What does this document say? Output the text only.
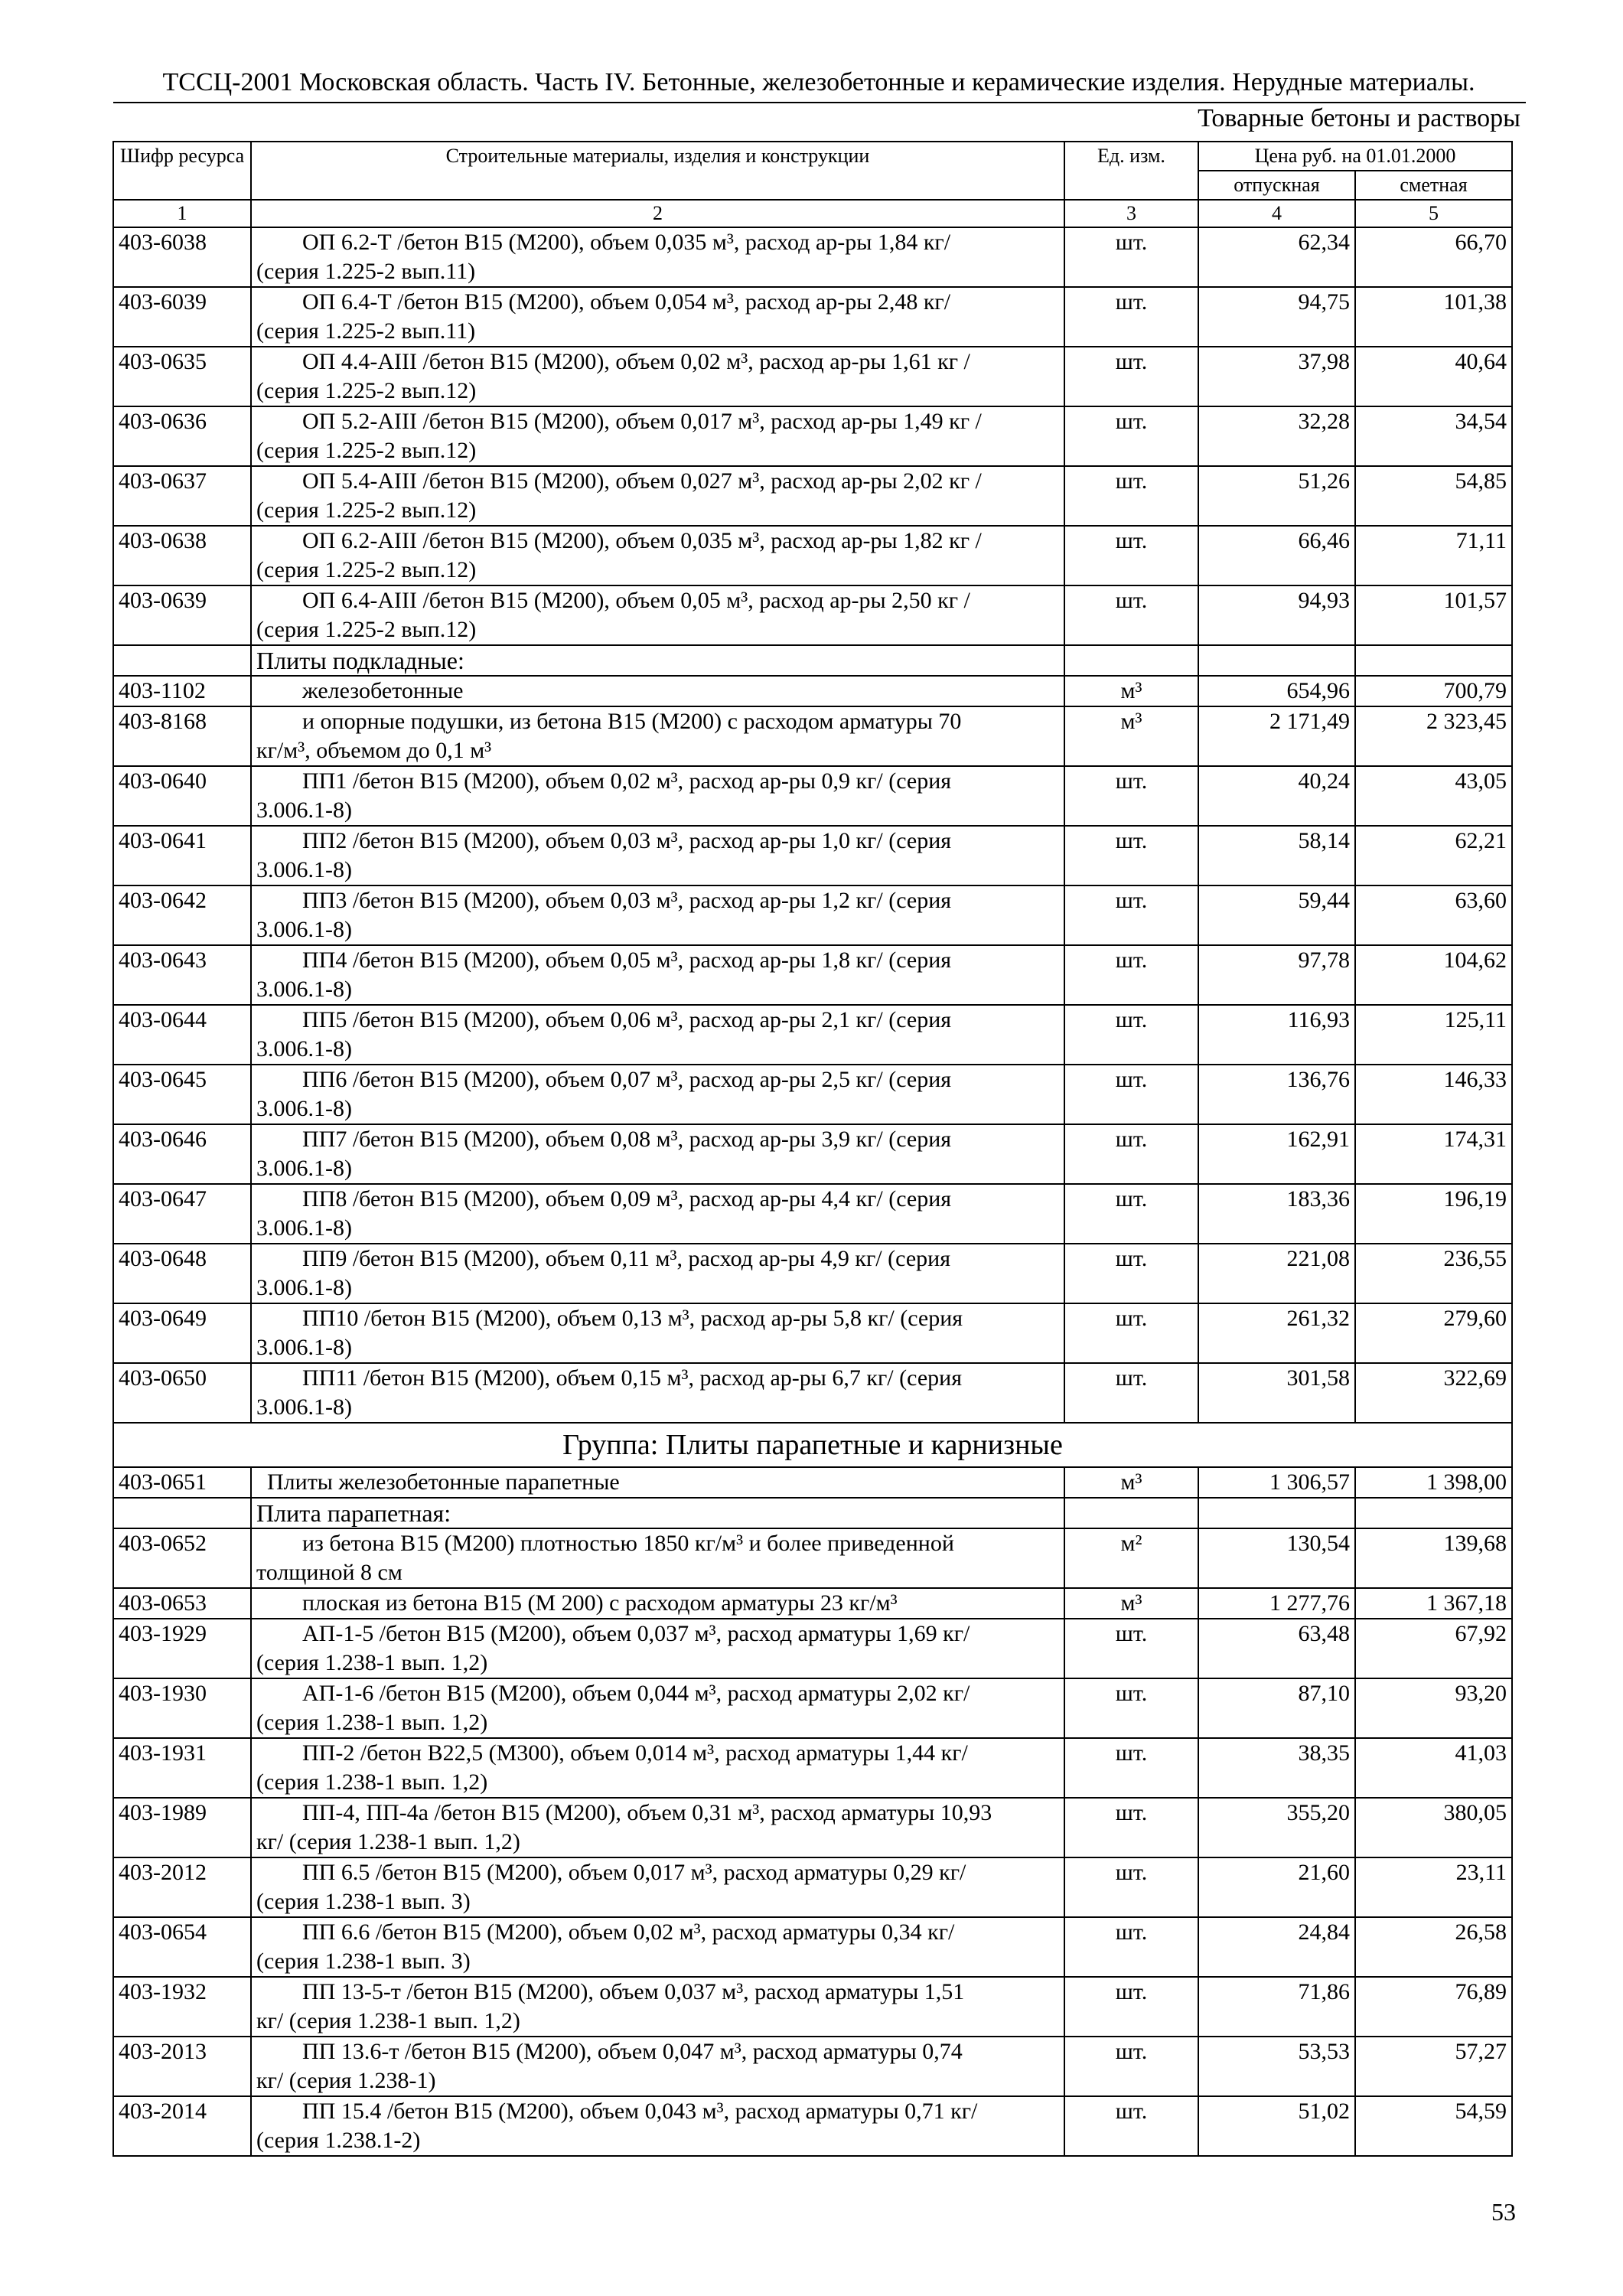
ТССЦ-2001 Московская область. Часть IV. Бетонные, железобетонные и керамические изделия. Нерудные материалы.
Товарные бетоны и растворы
Шифр ресурса	Строительные материалы, изделия и конструкции	Ед. изм.	Цена руб. на 01.01.2000	
			отпускная	сметная
1	2	3	4	5
403-6038	ОП 6.2-Т /бетон В15 (М200), объем 0,035 м³, расход ар-ры 1,84 кг/
(серия 1.225-2 вып.11)	шт.	62,34	66,70
403-6039	ОП 6.4-Т /бетон В15 (М200), объем 0,054 м³, расход ар-ры 2,48 кг/
(серия 1.225-2 вып.11)	шт.	94,75	101,38
403-0635	ОП 4.4-АIII /бетон В15 (М200), объем 0,02 м³, расход ар-ры 1,61 кг /
(серия 1.225-2 вып.12)	шт.	37,98	40,64
403-0636	ОП 5.2-АIII /бетон В15 (М200), объем 0,017 м³, расход ар-ры 1,49 кг /
(серия 1.225-2 вып.12)	шт.	32,28	34,54
403-0637	ОП 5.4-АIII /бетон В15 (М200), объем 0,027 м³, расход ар-ры 2,02 кг /
(серия 1.225-2 вып.12)	шт.	51,26	54,85
403-0638	ОП 6.2-АIII /бетон В15 (М200), объем 0,035 м³, расход ар-ры 1,82 кг /
(серия 1.225-2 вып.12)	шт.	66,46	71,11
403-0639	ОП 6.4-АIII /бетон В15 (М200), объем 0,05 м³, расход ар-ры 2,50 кг /
(серия 1.225-2 вып.12)	шт.	94,93	101,57
	Плиты подкладные:			
403-1102	железобетонные	м³	654,96	700,79
403-8168	и опорные подушки, из бетона В15 (М200) с расходом арматуры 70
кг/м³, объемом до 0,1 м³	м³	2 171,49	2 323,45
403-0640	ПП1 /бетон В15 (М200), объем 0,02 м³, расход ар-ры 0,9 кг/ (серия
3.006.1-8)	шт.	40,24	43,05
403-0641	ПП2 /бетон В15 (М200), объем 0,03 м³, расход ар-ры 1,0 кг/ (серия
3.006.1-8)	шт.	58,14	62,21
403-0642	ПП3 /бетон В15 (М200), объем 0,03 м³, расход ар-ры 1,2 кг/ (серия
3.006.1-8)	шт.	59,44	63,60
403-0643	ПП4 /бетон В15 (М200), объем 0,05 м³, расход ар-ры 1,8 кг/ (серия
3.006.1-8)	шт.	97,78	104,62
403-0644	ПП5 /бетон В15 (М200), объем 0,06 м³, расход ар-ры 2,1 кг/ (серия
3.006.1-8)	шт.	116,93	125,11
403-0645	ПП6 /бетон В15 (М200), объем 0,07 м³, расход ар-ры 2,5 кг/ (серия
3.006.1-8)	шт.	136,76	146,33
403-0646	ПП7 /бетон В15 (М200), объем 0,08 м³, расход ар-ры 3,9 кг/ (серия
3.006.1-8)	шт.	162,91	174,31
403-0647	ПП8 /бетон В15 (М200), объем 0,09 м³, расход ар-ры 4,4 кг/ (серия
3.006.1-8)	шт.	183,36	196,19
403-0648	ПП9 /бетон В15 (М200), объем 0,11 м³, расход ар-ры 4,9 кг/ (серия
3.006.1-8)	шт.	221,08	236,55
403-0649	ПП10 /бетон В15 (М200), объем 0,13 м³, расход ар-ры 5,8 кг/ (серия
3.006.1-8)	шт.	261,32	279,60
403-0650	ПП11 /бетон В15 (М200), объем 0,15 м³, расход ар-ры 6,7 кг/ (серия
3.006.1-8)	шт.	301,58	322,69
Группа: Плиты парапетные и карнизные				
403-0651	Плиты железобетонные парапетные	м³	1 306,57	1 398,00
	Плита парапетная:			
403-0652	из бетона В15 (М200) плотностью 1850 кг/м³ и более приведенной
толщиной 8 см	м²	130,54	139,68
403-0653	плоская из бетона В15 (М 200) с расходом арматуры 23 кг/м³	м³	1 277,76	1 367,18
403-1929	АП-1-5 /бетон В15 (М200), объем 0,037 м³, расход арматуры 1,69 кг/
(серия 1.238-1 вып. 1,2)	шт.	63,48	67,92
403-1930	АП-1-6 /бетон В15 (М200), объем 0,044 м³, расход арматуры 2,02 кг/
(серия 1.238-1 вып. 1,2)	шт.	87,10	93,20
403-1931	ПП-2 /бетон В22,5 (М300), объем 0,014 м³, расход арматуры 1,44 кг/
(серия 1.238-1 вып. 1,2)	шт.	38,35	41,03
403-1989	ПП-4, ПП-4а /бетон В15 (М200), объем 0,31 м³, расход арматуры 10,93
кг/ (серия 1.238-1 вып. 1,2)	шт.	355,20	380,05
403-2012	ПП 6.5 /бетон В15 (М200), объем 0,017 м³, расход арматуры 0,29 кг/
(серия 1.238-1 вып. 3)	шт.	21,60	23,11
403-0654	ПП 6.6 /бетон В15 (М200), объем 0,02 м³, расход арматуры 0,34 кг/
(серия 1.238-1 вып. 3)	шт.	24,84	26,58
403-1932	ПП 13-5-т /бетон В15 (М200), объем 0,037 м³, расход арматуры 1,51
кг/ (серия 1.238-1 вып. 1,2)	шт.	71,86	76,89
403-2013	ПП 13.6-т /бетон В15 (М200), объем 0,047 м³, расход арматуры 0,74
кг/ (серия 1.238-1)	шт.	53,53	57,27
403-2014	ПП 15.4 /бетон В15 (М200), объем 0,043 м³, расход арматуры 0,71 кг/
(серия 1.238.1-2)	шт.	51,02	54,59
53
